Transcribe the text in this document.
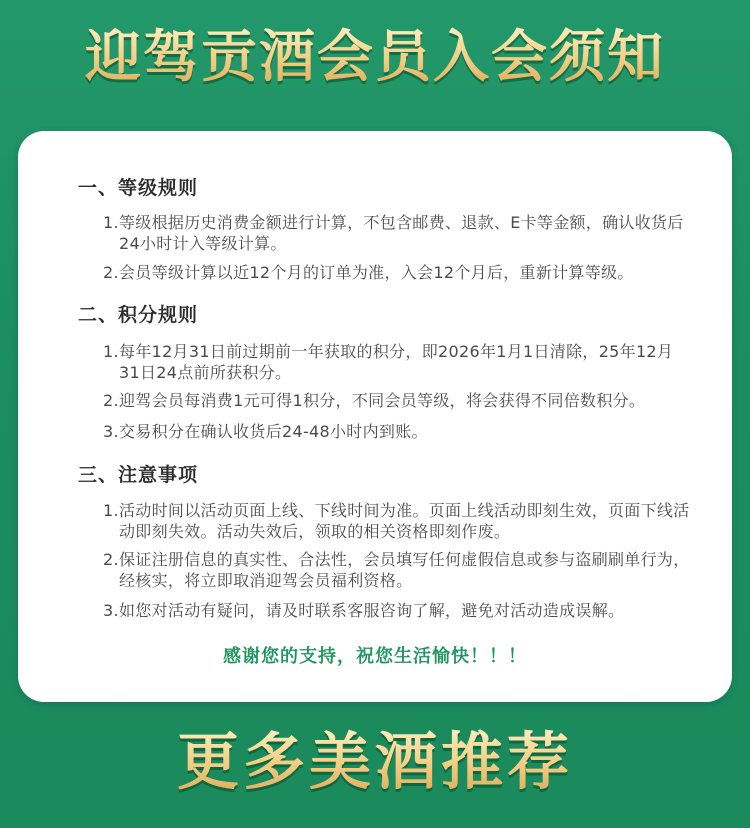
迎驾贡酒会员入会须知
一、等级规则
1. 等级根据历史消费金额进行计算，不包含邮费、退款、E卡等金额，确认收货后24小时计入等级计算。
2. 会员等级计算以近12个月的订单为准，入会12个月后，重新计算等级。
二、积分规则
1. 每年12月31日前过期前一年获取的积分，即2026年1月1日清除，25年12月31日24点前所获积分。
2. 迎驾会员每消费1元可得1积分，不同会员等级，将会获得不同倍数积分。
3. 交易积分在确认收货后24-48小时内到账。
三、注意事项
1. 活动时间以活动页面上线、下线时间为准。页面上线活动即刻生效，页面下线活动即刻失效。活动失效后，领取的相关资格即刻作废。
2. 保证注册信息的真实性、合法性，会员填写任何虚假信息或参与盗刷刷单行为，经核实，将立即取消迎驾会员福利资格。
3. 如您对活动有疑问，请及时联系客服咨询了解，避免对活动造成误解。
感谢您的支持，祝您生活愉快！！！
更多美酒推荐
